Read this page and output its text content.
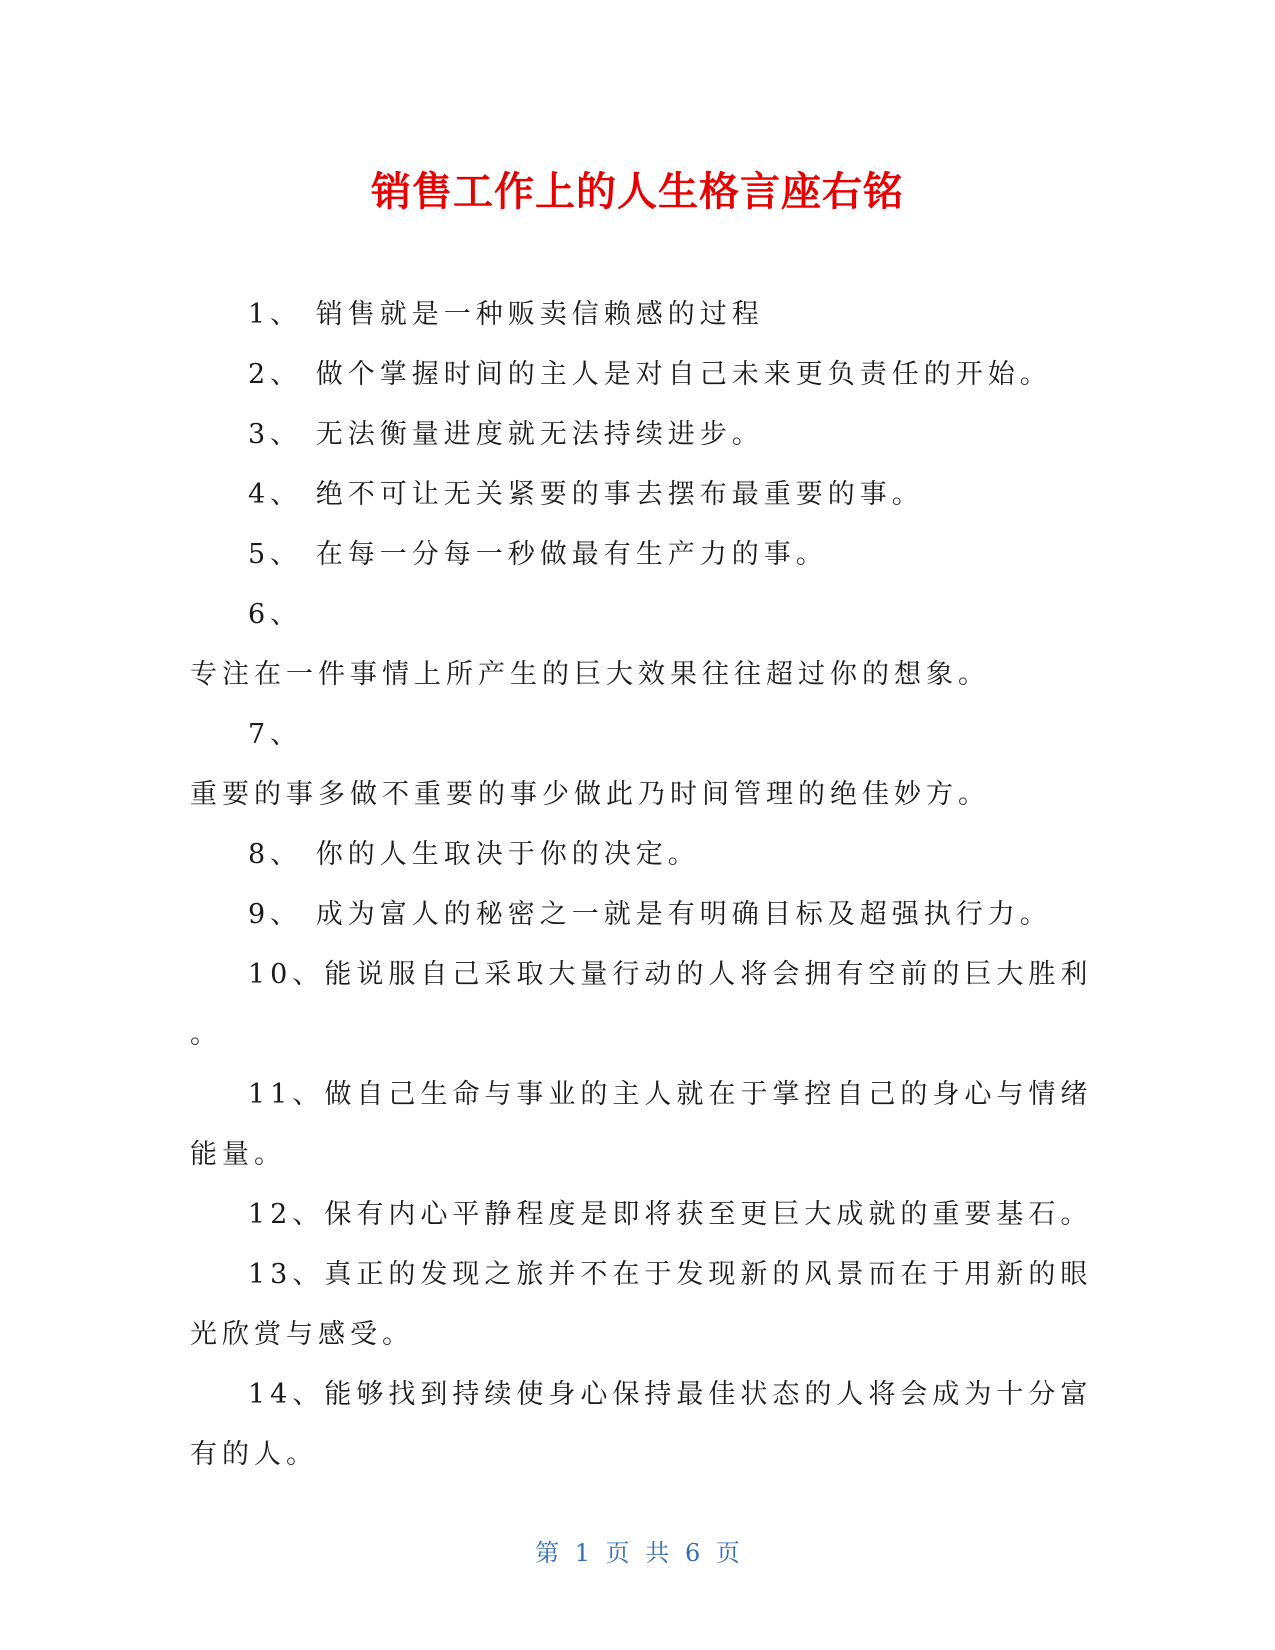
销售工作上的人生格言座右铭
1、 销售就是一种贩卖信赖感的过程
2、 做个掌握时间的主人是对自己未来更负责任的开始。
3、 无法衡量进度就无法持续进步。
4、 绝不可让无关紧要的事去摆布最重要的事。
5、 在每一分每一秒做最有生产力的事。
6、
专注在一件事情上所产生的巨大效果往往超过你的想象。
7、
重要的事多做不重要的事少做此乃时间管理的绝佳妙方。
8、 你的人生取决于你的决定。
9、 成为富人的秘密之一就是有明确目标及超强执行力。
10、能说服自己采取大量行动的人将会拥有空前的巨大胜利
。
11、做自己生命与事业的主人就在于掌控自己的身心与情绪
能量。
12、保有内心平静程度是即将获至更巨大成就的重要基石。
13、真正的发现之旅并不在于发现新的风景而在于用新的眼
光欣赏与感受。
14、能够找到持续使身心保持最佳状态的人将会成为十分富
有的人。
第 1 页 共 6 页
